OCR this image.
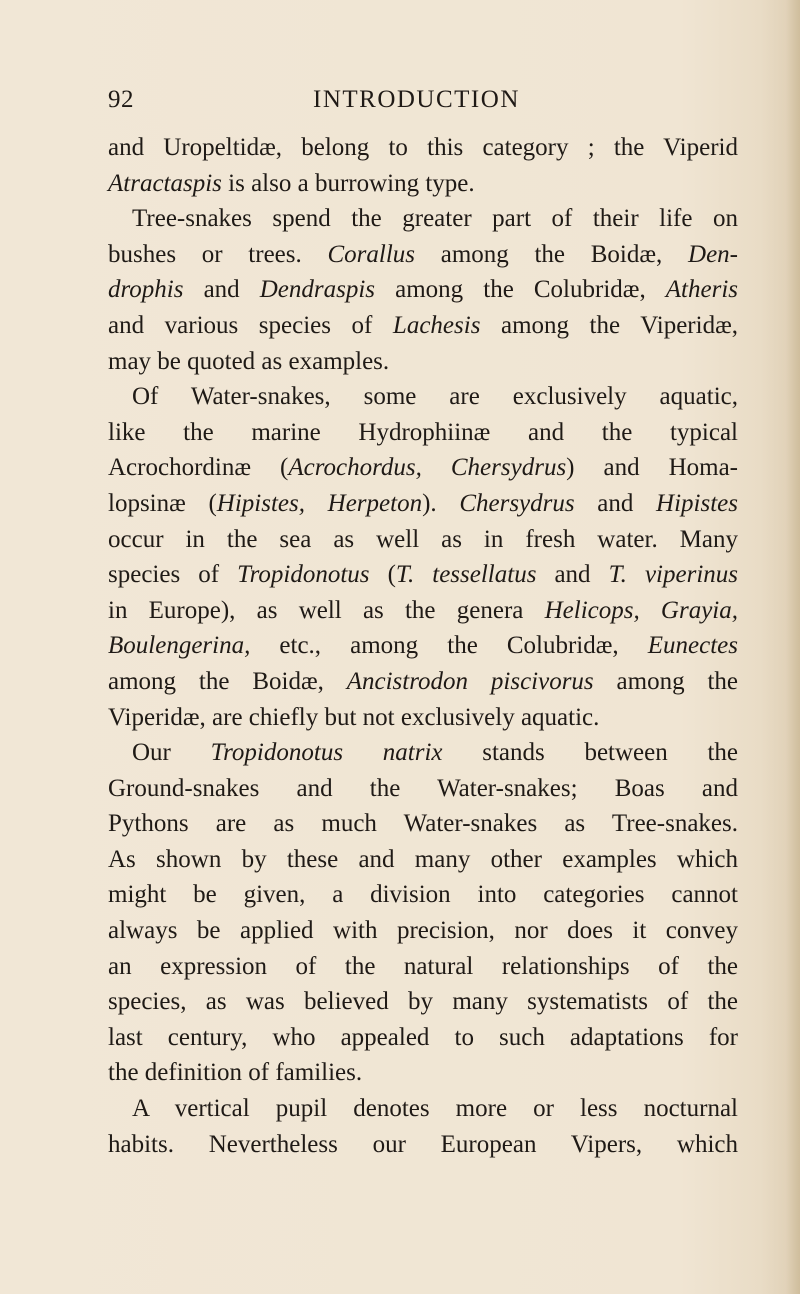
92	INTRODUCTION
and Uropeltidæ, belong to this category ; the Viperid
Atractaspis is also a burrowing type.
Tree-snakes spend the greater part of their life on
bushes or trees. Corallus among the Boidæ, Den-
drophis and Dendraspis among the Colubridæ, Atheris
and various species of Lachesis among the Viperidæ,
may be quoted as examples.
Of Water-snakes, some are exclusively aquatic,
like the marine Hydrophiinæ and the typical
Acrochordinæ (Acrochordus, Chersydrus) and Homa-
lopsinæ (Hipistes, Herpeton). Chersydrus and Hipistes
occur in the sea as well as in fresh water. Many
species of Tropidonotus (T. tessellatus and T. viperinus
in Europe), as well as the genera Helicops, Grayia,
Boulengerina, etc., among the Colubridæ, Eunectes
among the Boidæ, Ancistrodon piscivorus among the
Viperidæ, are chiefly but not exclusively aquatic.
Our Tropidonotus natrix stands between the
Ground-snakes and the Water-snakes; Boas and
Pythons are as much Water-snakes as Tree-snakes.
As shown by these and many other examples which
might be given, a division into categories cannot
always be applied with precision, nor does it convey
an expression of the natural relationships of the
species, as was believed by many systematists of the
last century, who appealed to such adaptations for
the definition of families.
A vertical pupil denotes more or less nocturnal
habits. Nevertheless our European Vipers, which
